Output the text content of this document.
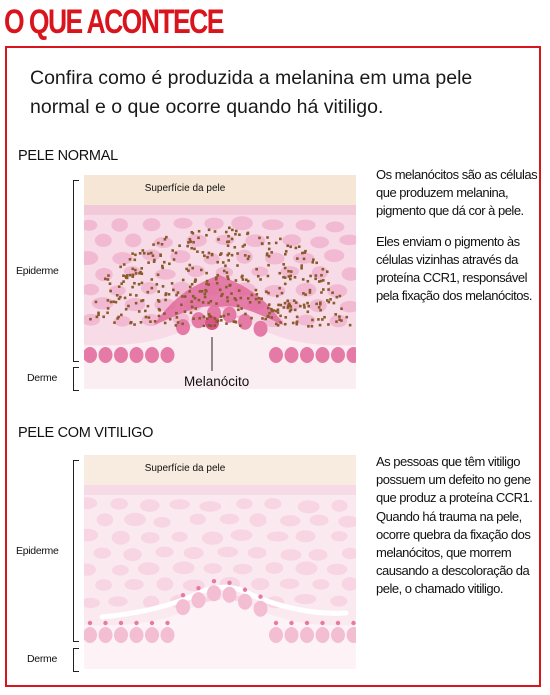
O QUE ACONTECE
Confira como é produzida a melanina em uma pele normal e o que ocorre quando há vitiligo.
PELE NORMAL
Superfície da pele
Melanócito
Epiderme
Derme

Os melanócitos são as células que produzem melanina, pigmento que dá cor à pele.

Eles enviam o pigmento às células vizinhas através da proteína CCR1, responsável pela fixação dos melanócitos.

PELE COM VITILIGO
Superfície da pele
Epiderme
Derme

As pessoas que têm vitiligo possuem um defeito no gene que produz a proteína CCR1. Quando há trauma na pele, ocorre quebra da fixação dos melanócitos, que morrem causando a descoloração da pele, o chamado vitiligo.
